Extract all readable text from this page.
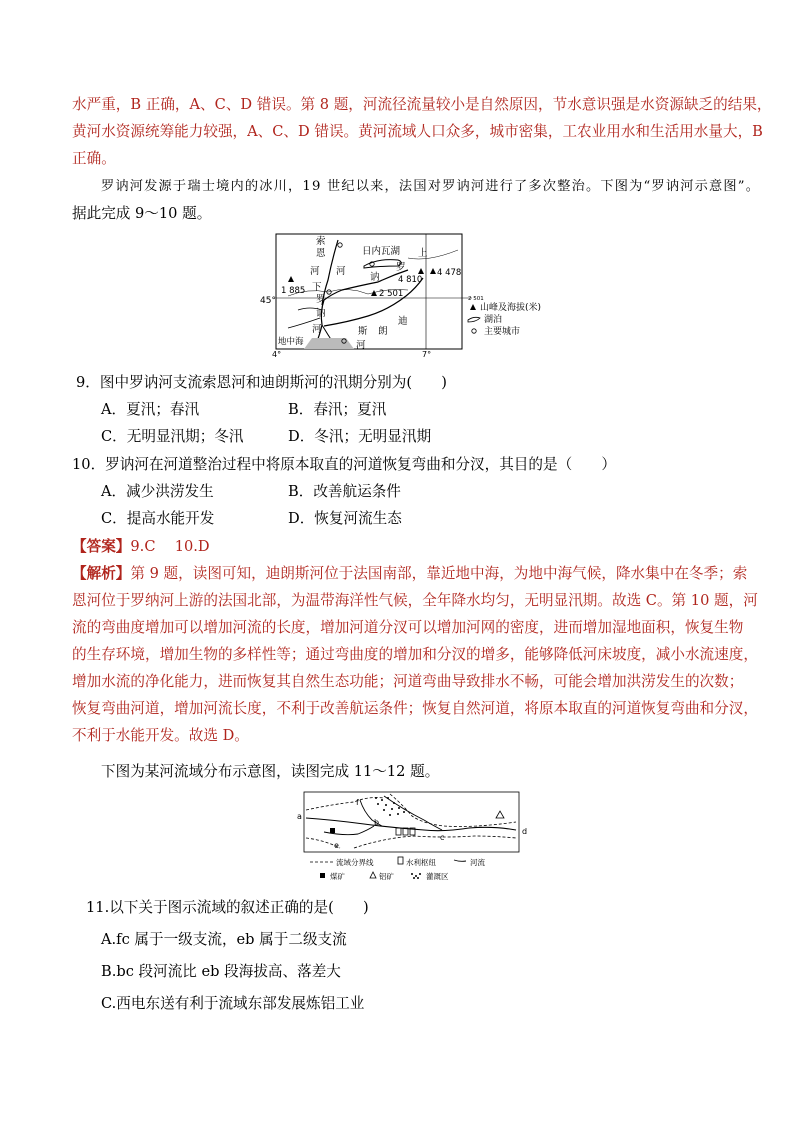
水严重，B 正确，A、C、D 错误。第 8 题，河流径流量较小是自然原因，节水意识强是水资源缺乏的结果，
黄河水资源统筹能力较强，A、C、D 错误。黄河流域人口众多，城市密集，工农业用水和生活用水量大，B
正确。
罗讷河发源于瑞士境内的冰川，19 世纪以来，法国对罗讷河进行了多次整治。下图为“罗讷河示意图”。
据此完成 9～10 题。
45°
4°	7°
1 885
4 810
4 478
2 501
索
恩
河 河
日内瓦湖 上
讷
罗
下
罗
讷
河
迪
朗
斯
河
地中海
2 501
山峰及海拔(米)
湖泊
主要城市
9．图中罗讷河支流索恩河和迪朗斯河的汛期分别为(　　)
A．夏汛；春汛	B．春汛；夏汛
C．无明显汛期；冬汛	D．冬汛；无明显汛期
10．罗讷河在河道整治过程中将原本取直的河道恢复弯曲和分汊，其目的是（　　）
A．减少洪涝发生	B．改善航运条件
C．提高水能开发	D．恢复河流生态
【答案】9.C　 10.D
【解析】第 9 题，读图可知，迪朗斯河位于法国南部，靠近地中海，为地中海气候，降水集中在冬季；索
恩河位于罗纳河上游的法国北部，为温带海洋性气候，全年降水均匀，无明显汛期。故选 C。第 10 题，河
流的弯曲度增加可以增加河流的长度，增加河道分汊可以增加河网的密度，进而增加湿地面积，恢复生物
的生存环境，增加生物的多样性等；通过弯曲度的增加和分汊的增多，能够降低河床坡度，减小水流速度，
增加水流的净化能力，进而恢复其自然生态功能；河道弯曲导致排水不畅，可能会增加洪涝发生的次数；
恢复弯曲河道，增加河流长度，不利于改善航运条件；恢复自然河道，将原本取直的河道恢复弯曲和分汊，
不利于水能开发。故选 D。
下图为某河流域分布示意图，读图完成 11～12 题。
a
b
c
d
e
f
流域分界线	水利枢纽	河流
煤矿	铝矿	灌溉区
11.以下关于图示流域的叙述正确的是(　　)
A.fc 属于一级支流，eb 属于二级支流
B.bc 段河流比 eb 段海拔高、落差大
C.西电东送有利于流域东部发展炼铝工业
